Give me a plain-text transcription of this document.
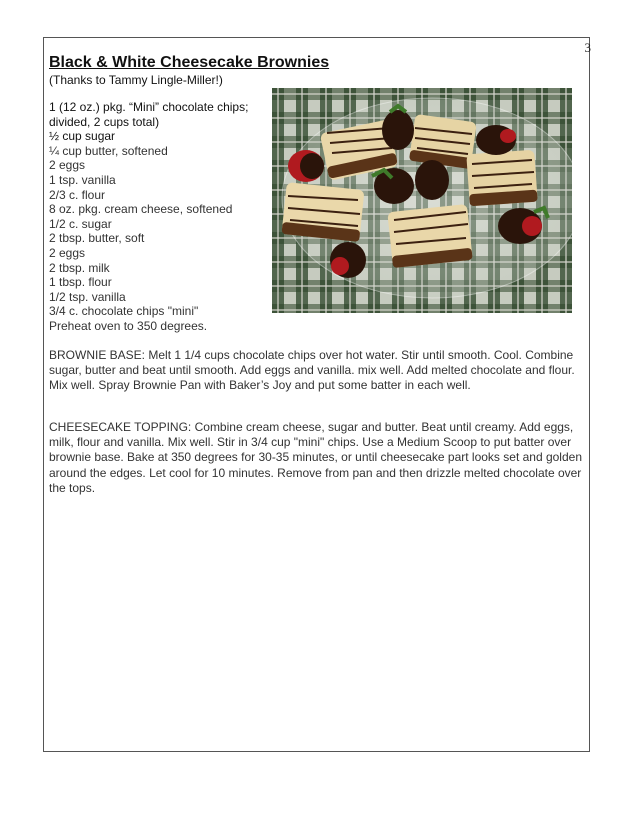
3
Black & White Cheesecake Brownies

(Thanks to Tammy Lingle-Miller!)

1 (12 oz.) pkg. “Mini” chocolate chips;
divided, 2 cups total)
½ cup sugar
¼ cup butter, softened
2 eggs
1 tsp. vanilla
2/3 c. flour
8 oz. pkg. cream cheese, softened
1/2 c. sugar
2 tbsp. butter, soft
2 eggs
2 tbsp. milk
1 tbsp. flour
1/2 tsp. vanilla
3/4 c. chocolate chips "mini"
Preheat oven to 350 degrees.

BROWNIE BASE: Melt 1 1/4 cups chocolate chips over hot water. Stir until smooth. Cool. Combine sugar, butter and beat until smooth. Add eggs and vanilla. mix well. Add melted chocolate and flour. Mix well. Spray Brownie Pan with Baker’s Joy and put some batter in each well.

CHEESECAKE TOPPING: Combine cream cheese, sugar and butter. Beat until creamy. Add eggs, milk, flour and vanilla. Mix well. Stir in 3/4 cup "mini" chips. Use a Medium Scoop to put batter over brownie base. Bake at 350 degrees for 30-35 minutes, or until cheesecake part looks set and golden around the edges. Let cool for 10 minutes. Remove from pan and then drizzle melted chocolate over the tops.
